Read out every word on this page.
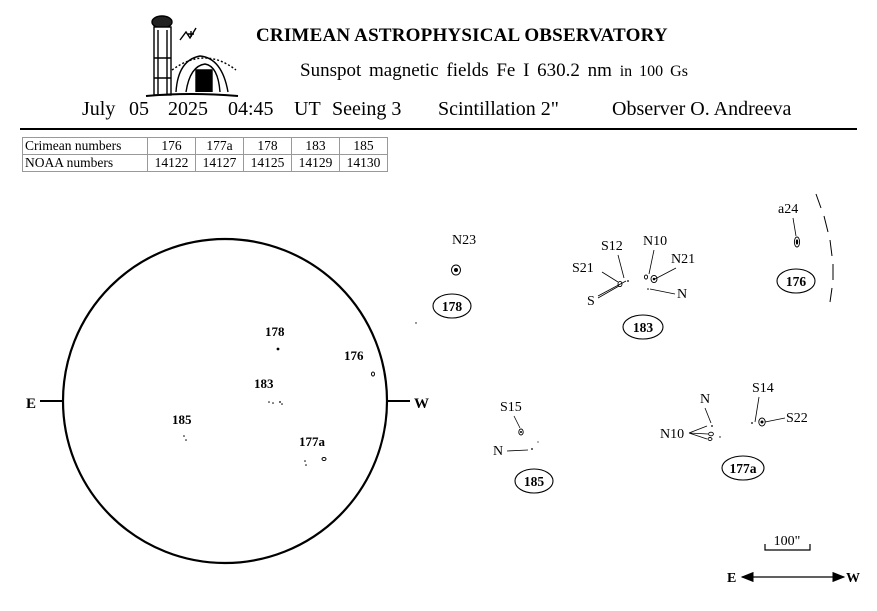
CRIMEAN ASTROPHYSICAL OBSERVATORY
Sunspot magnetic fields Fe I 630.2 nm in 100 Gs
July 05 2025 04:45 UT Seeing 3 Scintillation 2"	Observer O. Andreeva
Crimean numbers	176	177a	178	183	185
NOAA numbers	14122	14127	14125	14129	14130
E	W
178
176
183
185
177a
N23
178
S12 N10
S21
N21
S	N
183
a24
176
S15
N
185
N
S14
N10
S22
177a
100"
E	W
